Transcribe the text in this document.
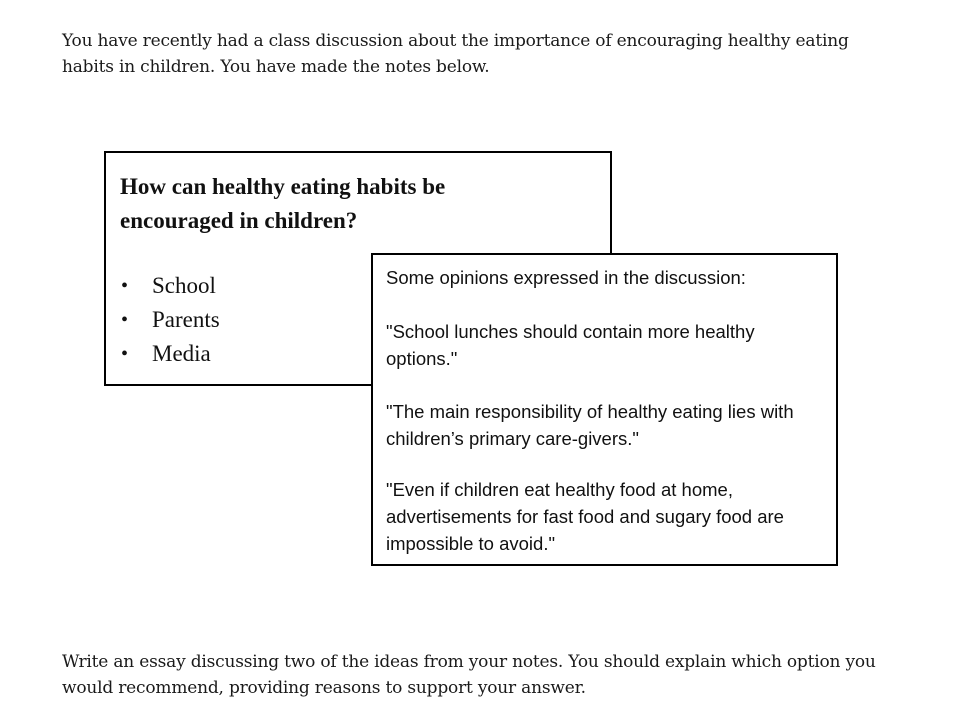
You have recently had a class discussion about the importance of encouraging healthy eating
habits in children. You have made the notes below.

How can healthy eating habits be
encouraged in children?

• School
• Parents
• Media

Some opinions expressed in the discussion:

"School lunches should contain more healthy
options."

"The main responsibility of healthy eating lies with
children’s primary care-givers."

"Even if children eat healthy food at home,
advertisements for fast food and sugary food are
impossible to avoid."

Write an essay discussing two of the ideas from your notes. You should explain which option you
would recommend, providing reasons to support your answer.
